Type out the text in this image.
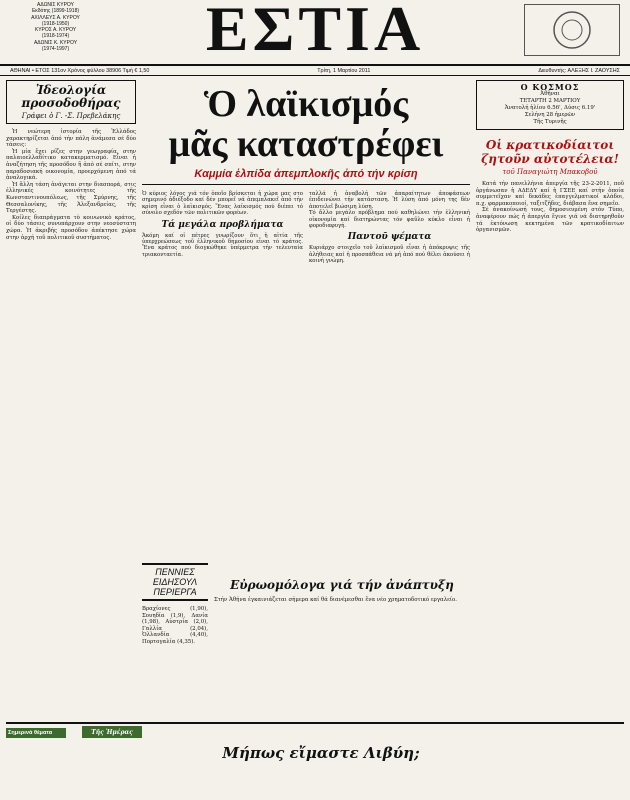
ΑΔΩΝΙΣ ΚΥΡΟΥ
Εκδότης (1899-1918)
ΑΧΙΛΛΕΥΣ Α. ΚΥΡΟΥ
(1918-1950)
ΚΥΡΟΣ Α. ΚΥΡΟΥ
(1918-1974)
ΑΔΩΝΙΣ Κ. ΚΥΡΟΥ
(1974-1997)	ΕΣΤΙΑ
ΑΘΗΝΑΙ • ΕΤΟΣ 131ον Χρόνος φύλλου 38906 Τιμή € 1,50	Τρίτη, 1 Μαρτίου 2011	Διευθυντής: ΑΛΕΞΗΣ Ι. ΖΑΟΥΣΗΣ
Ἰδεολογία προσοδοθήρας
Γράφει ὁ Γ. -Σ. Πρεβελάκης

Ἡ νεώτερη ἱστορία τῆς Ἑλλάδος χαρακτηρίζεται ἀπό τήν πάλη ἀνάμεσα σέ δύο τάσεις:

Ἡ μία ἔχει ρίζες στην γεωγραφία, στην παλαιοελλαδίτικο κατακερματισμό. Εἶναι ἡ ἀναζήτηση τῆς προσόδου ἢ ἀπό σέ σπίτι, στην παραδοσιακή οικονομία, προερχόμενη ἀπό τά ἀναλογικά.

Ἡ ἄλλη τάση ἀνάγεται στην διασπορά, στις ἑλληνικές κοινότητες τῆς Κωνσταντινουπόλεως, τῆς Σμύρνης, τῆς Θεσσαλονίκης, τῆς Ἀλεξανδρείας, τῆς Τεργέστης.

Κοίλες διαπράγματα τὸ κοινωνικὸ κράτος, οἱ δύο τάσεις συνυπάρχουν στην νεοσύστατη χώρα. Ἡ ἀκριβής προσόδου ἀπέκτησε χώρα στην ἀρχή τοῦ πολιτικοῦ συστήματος.

Ὁ λαϊκισμός
μᾶς καταστρέφει
Καμμία ἐλπίδα ἀπεμπλοκῆς ἀπό τήν κρίση

Ὁ κύριος λόγος γιά τόν ὁποῖο βρίσκεται ἡ χώρα μας στο σημερινό ἀδιέξοδο καί δέν μπορεῖ νά ἀπεμπλακεῖ ἀπό τήν κρίση εἶναι ὁ λαϊκισμός. Ἕνας λαϊκισμός πού διέπει τό σύνολο σχεδόν τῶν πολιτικῶν φορέων.

Τά μεγάλα προβλήματα

Ἀκόμη καί οἱ πέτρες γνωρίζουν ὅτι ἡ αἰτία τῆς ὑπερχρεώσεως τοῦ ἑλληνικοῦ δημοσίου εἶναι τό κράτος. Ἕνα κράτος πού διογκώθηκε ὑπέρμετρα τήν τελευταία τριακονταετία.

ταλλά ἡ ἀναβολή τῶν ἀπαραίτητων ἀποφάσεων ἐπιδεινώνει τήν κατάσταση. Ἡ λύση ἀπό μόνη της δέν ἀποτελεῖ βιώσιμη λύση.

Τό ἄλλο μεγάλο πρόβλημα πού καθηλώνει τήν ἑλληνική οἰκονομία καί διατηρώντας τόν φαῦλο κύκλο εἶναι ἡ φοροδιαφυγή.

Παντοῦ ψέματα

Κυριάρχο στοιχεῖο τοῦ λαϊκισμοῦ εἶναι ἡ ἀπόκρυψις τῆς ἀλήθειας καί ἡ προσπάθεια νά μή ἀπό πού θέλει ἀκούσει ἡ κοινή γνώμη.

ΠΕΝΝΙΕΣ
ΕΙΔΗΣΟΥΛ
ΠΕΡΙΕΡΓΑ
Βραχίονες (1,90), Σουηδία (1,9), Δανία (1,98), Αὐστρία (2,0), Γαλλία (2,04), Ὁλλανδία (4,40), Πορτογαλία (4,35).
Εὐρωομόλογα γιά τήν ἀνάπτυξη
Στήν Ἀθήνα ἐγκαινιάζεται σήμερα καί θά διανέμεσθαι ἕνα νέο χρηματοδοτικό εργαλείο.
Ο ΚΟΣΜΟΣ
Ἀθῆναι
ΤΕΤΑΡΤΗ 2 ΜΑΡΤΙΟΥ
Ἀνατολή ἡλίου 6.56', Δύσις 6.19'
Σελήνη 28 ἡμερῶν
Τῆς Τυρινῆς
Οἱ κρατικοδίαιτοι ζητοῦν αὐτοτέλεια!
τοῦ Παναγιώτη Μπακοβοῦ

Κατά τήν πανελλήνια ἀπεργία τῆς 23-2-2011, ποῦ ὀργάνωσαν ἡ ΑΔΕΔΥ καί ἡ ΓΣΕΕ καί στήν ὁποία συμμετεῖχαν καί δεκάδες ἐπαγγελματικοί κλάδοι, π.χ. φαρμακοποιοί, ταξιτζῆδες, διάβασα ἔνα σημεῖο.

Σέ ἀνακοίνωσή τους, δημοσιευμένη στόν Τύπο, ἀναφέρουν πώς ἡ ἀπεργία ἔγινε γιά νά διατηρηθοῦν τά ἐκτόνωση κεκτημένα τῶν κρατικοδίαιτων ὀργανισμῶν.

Σημερινά θέματα	Τῆς Ἡμέρας
Μήπως εἴμαστε Λιβύη;
